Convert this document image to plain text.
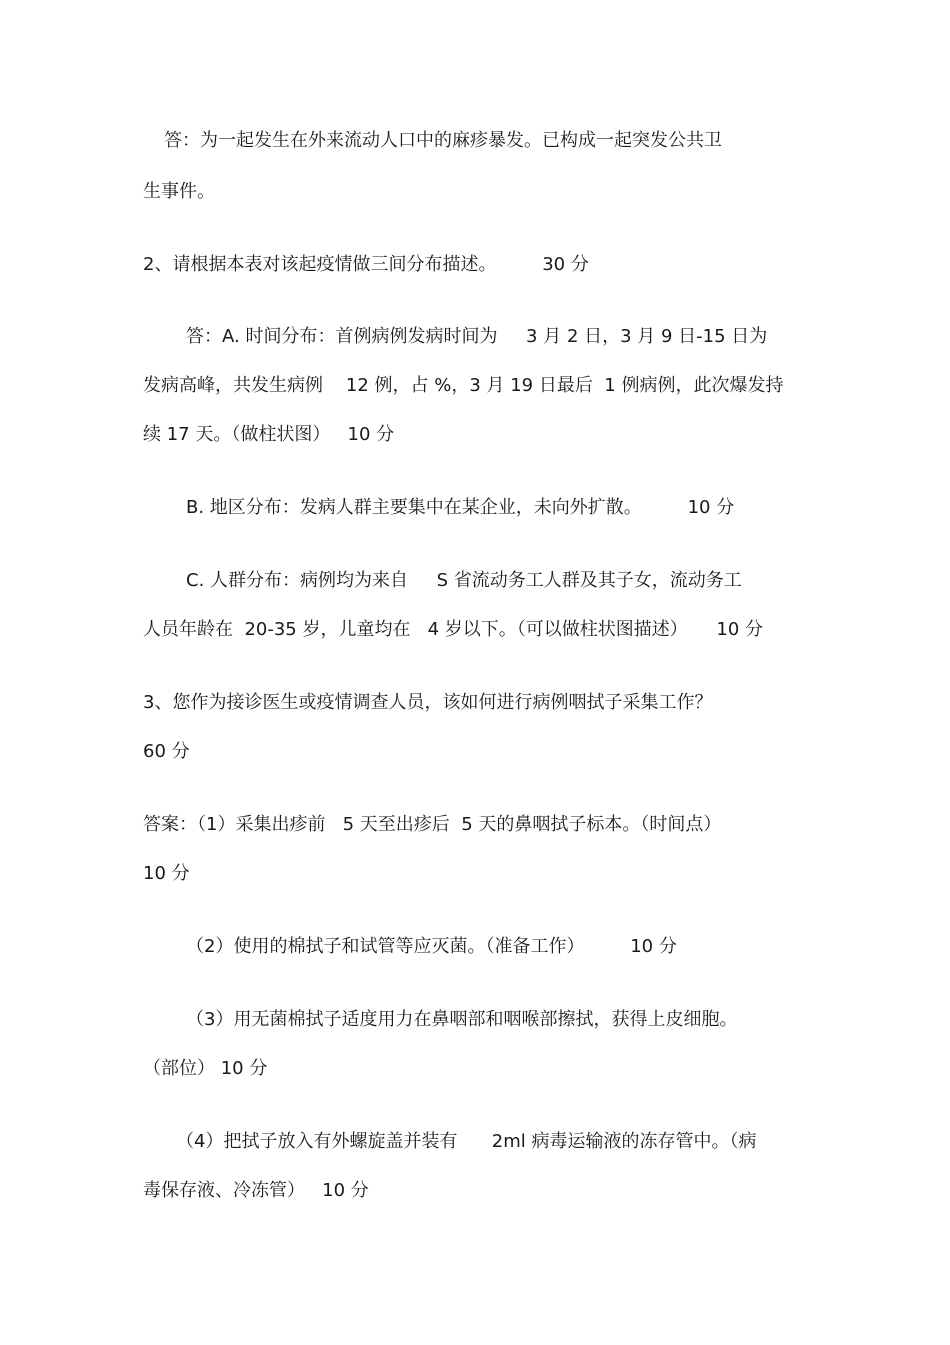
答：为一起发生在外来流动人口中的麻疹暴发。已构成一起突发公共卫
生事件。
2、请根据本表对该起疫情做三间分布描述。        30 分
答：A. 时间分布：首例病例发病时间为     3 月 2 日，3 月 9 日-15 日为
发病高峰，共发生病例    12 例，占 %，3 月 19 日最后  1 例病例，此次爆发持
续 17 天。（做柱状图）   10 分
B. 地区分布：发病人群主要集中在某企业，未向外扩散。        10 分
C. 人群分布：病例均为来自     S 省流动务工人群及其子女，流动务工
人员年龄在  20-35 岁，儿童均在   4 岁以下。（可以做柱状图描述）     10 分
3、您作为接诊医生或疫情调查人员，该如何进行病例咽拭子采集工作？
60 分
答案：（1）采集出疹前   5 天至出疹后  5 天的鼻咽拭子标本。（时间点）
10 分
（2）使用的棉拭子和试管等应灭菌。（准备工作）        10 分
（3）用无菌棉拭子适度用力在鼻咽部和咽喉部擦拭，获得上皮细胞。
（部位） 10 分
（4）把拭子放入有外螺旋盖并装有      2ml 病毒运输液的冻存管中。（病
毒保存液、冷冻管）   10 分
